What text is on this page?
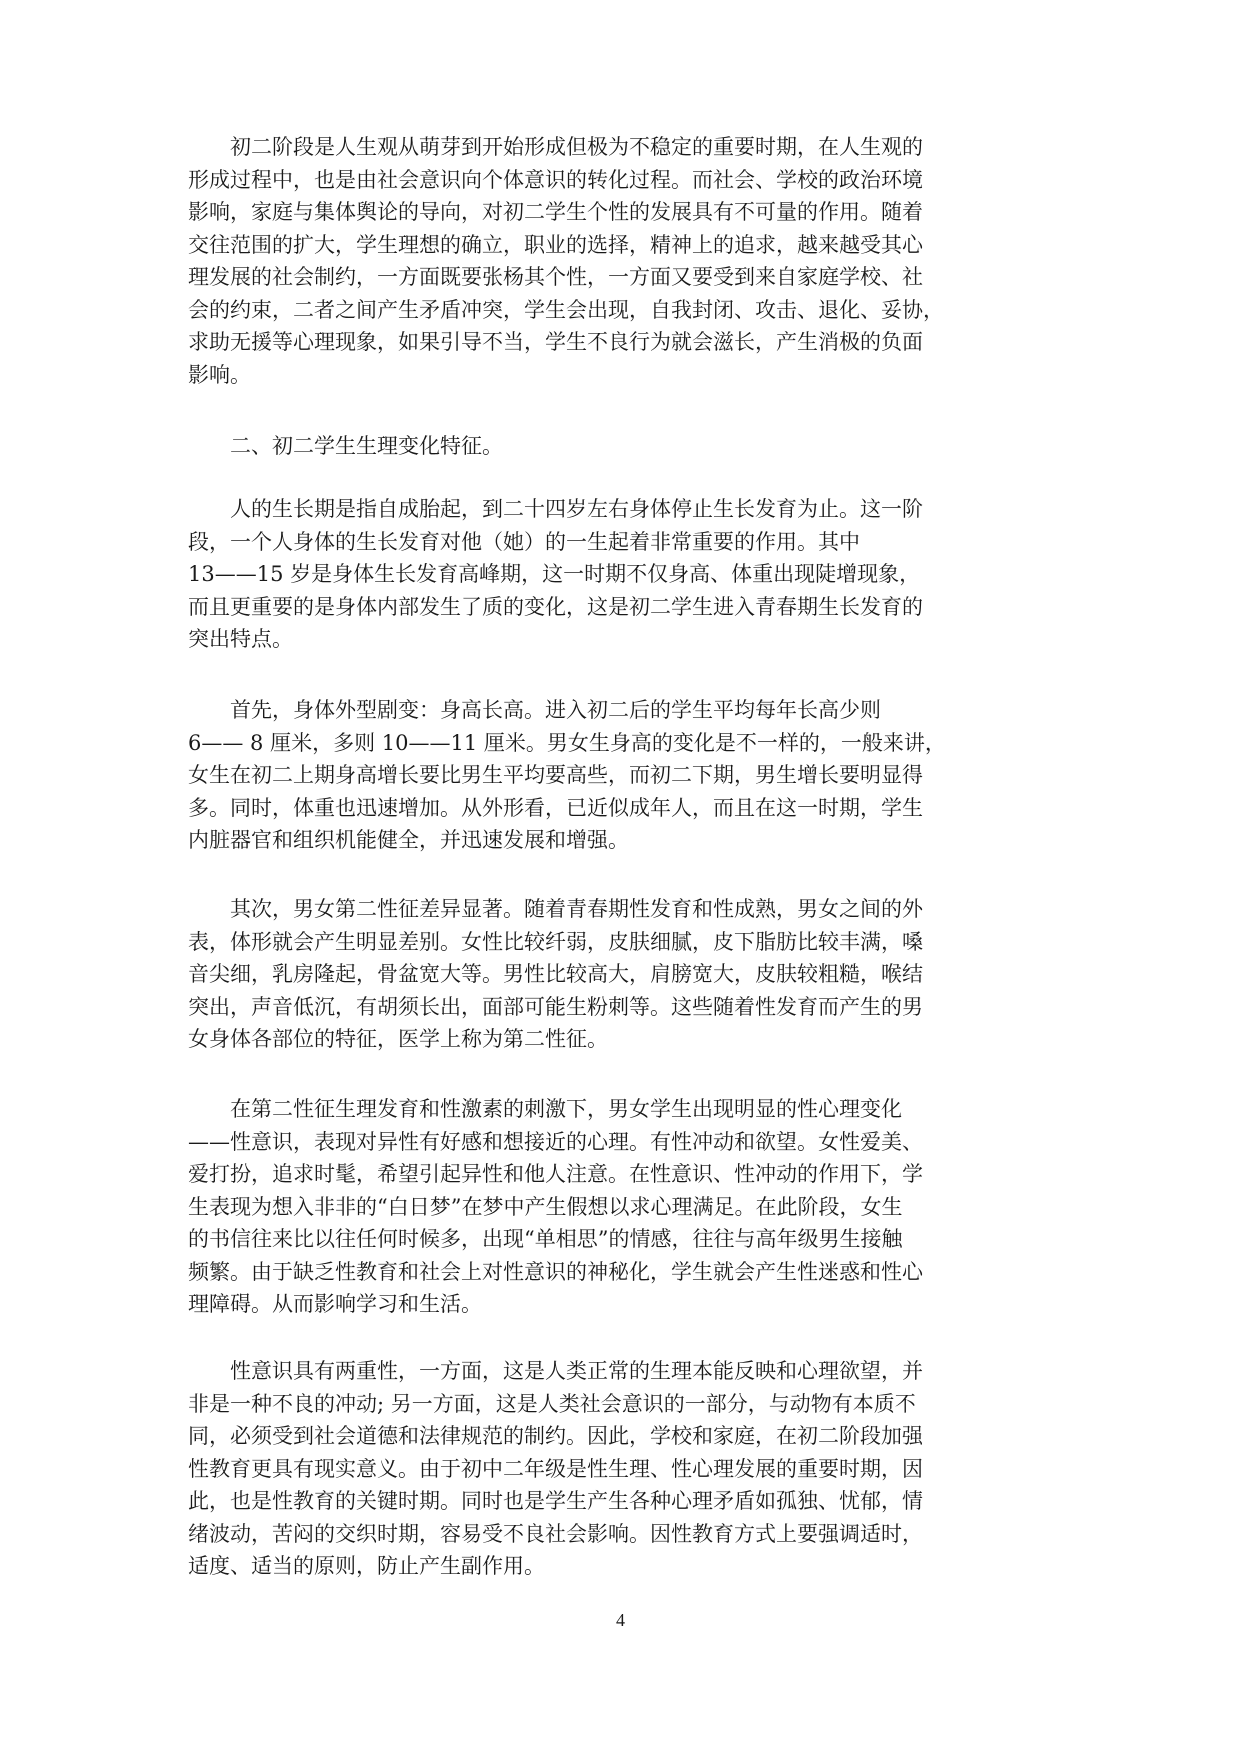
初二阶段是人生观从萌芽到开始形成但极为不稳定的重要时期，在人生观的
形成过程中，也是由社会意识向个体意识的转化过程。而社会、学校的政治环境
影响，家庭与集体舆论的导向，对初二学生个性的发展具有不可量的作用。随着
交往范围的扩大，学生理想的确立，职业的选择，精神上的追求，越来越受其心
理发展的社会制约，一方面既要张杨其个性，一方面又要受到来自家庭学校、社
会的约束，二者之间产生矛盾冲突，学生会出现，自我封闭、攻击、退化、妥协，
求助无援等心理现象，如果引导不当，学生不良行为就会滋长，产生消极的负面
影响。
二、初二学生生理变化特征。
人的生长期是指自成胎起，到二十四岁左右身体停止生长发育为止。这一阶
段，一个人身体的生长发育对他（她）的一生起着非常重要的作用。其中
13——15 岁是身体生长发育高峰期，这一时期不仅身高、体重出现陡增现象，
而且更重要的是身体内部发生了质的变化，这是初二学生进入青春期生长发育的
突出特点。
首先，身体外型剧变：身高长高。进入初二后的学生平均每年长高少则
6—— 8 厘米，多则 10——11 厘米。男女生身高的变化是不一样的，一般来讲，
女生在初二上期身高增长要比男生平均要高些，而初二下期，男生增长要明显得
多。同时，体重也迅速增加。从外形看，已近似成年人，而且在这一时期，学生
内脏器官和组织机能健全，并迅速发展和增强。
其次，男女第二性征差异显著。随着青春期性发育和性成熟，男女之间的外
表，体形就会产生明显差别。女性比较纤弱，皮肤细腻，皮下脂肪比较丰满，嗓
音尖细，乳房隆起，骨盆宽大等。男性比较高大，肩膀宽大，皮肤较粗糙，喉结
突出，声音低沉，有胡须长出，面部可能生粉刺等。这些随着性发育而产生的男
女身体各部位的特征，医学上称为第二性征。
在第二性征生理发育和性激素的刺激下，男女学生出现明显的性心理变化
——性意识，表现对异性有好感和想接近的心理。有性冲动和欲望。女性爱美、
爱打扮，追求时髦，希望引起异性和他人注意。在性意识、性冲动的作用下，学
生表现为想入非非的“白日梦”在梦中产生假想以求心理满足。在此阶段，女生
的书信往来比以往任何时候多，出现“单相思”的情感，往往与高年级男生接触
频繁。由于缺乏性教育和社会上对性意识的神秘化，学生就会产生性迷惑和性心
理障碍。从而影响学习和生活。
性意识具有两重性，一方面，这是人类正常的生理本能反映和心理欲望，并
非是一种不良的冲动; 另一方面，这是人类社会意识的一部分，与动物有本质不
同，必须受到社会道德和法律规范的制约。因此，学校和家庭，在初二阶段加强
性教育更具有现实意义。由于初中二年级是性生理、性心理发展的重要时期，因
此，也是性教育的关键时期。同时也是学生产生各种心理矛盾如孤独、忧郁，情
绪波动，苦闷的交织时期，容易受不良社会影响。因性教育方式上要强调适时，
适度、适当的原则，防止产生副作用。
4
